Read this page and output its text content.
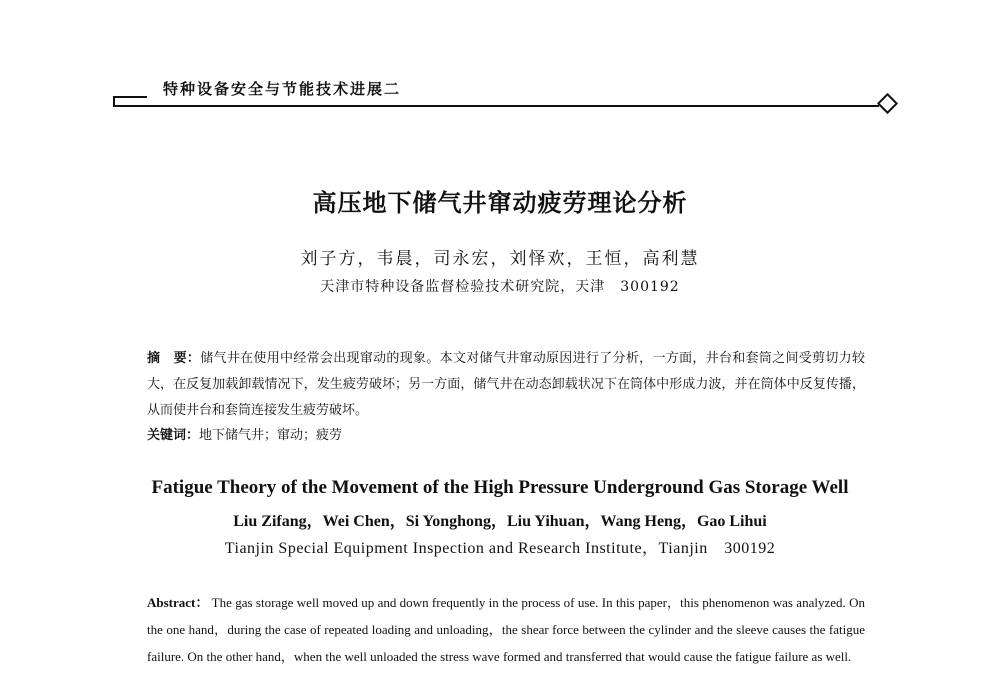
特种设备安全与节能技术进展二
高压地下储气井窜动疲劳理论分析
刘子方，韦晨，司永宏，刘怿欢，王恒，高利慧
天津市特种设备监督检验技术研究院，天津　300192
摘　要：储气井在使用中经常会出现窜动的现象。本文对储气井窜动原因进行了分析，一方面，井台和套筒之间受剪切力较大，在反复加载卸载情况下，发生疲劳破坏；另一方面，储气井在动态卸载状况下在筒体中形成力波，并在筒体中反复传播，从而使井台和套筒连接发生疲劳破坏。
关键词：地下储气井；窜动；疲劳
Fatigue Theory of the Movement of the High Pressure Underground Gas Storage Well
Liu Zifang，Wei Chen，Si Yonghong，Liu Yihuan，Wang Heng，Gao Lihui
Tianjin Special Equipment Inspection and Research Institute，Tianjin　300192
Abstract： The gas storage well moved up and down frequently in the process of use. In this paper，this phenomenon was analyzed. On the one hand，during the case of repeated loading and unloading，the shear force between the cylinder and the sleeve causes the fatigue failure. On the other hand，when the well unloaded the stress wave formed and transferred that would cause the fatigue failure as well.
